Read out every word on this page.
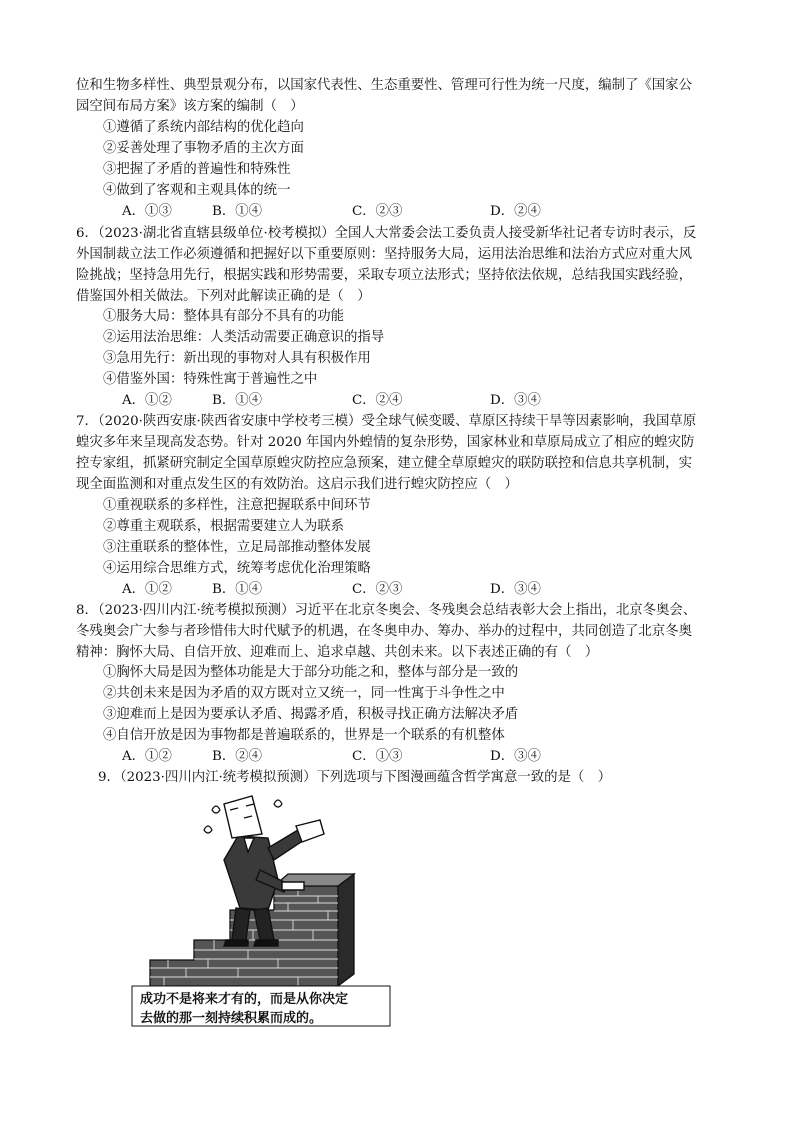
位和生物多样性、典型景观分布，以国家代表性、生态重要性、管理可行性为统一尺度，编制了《国家公
园空间布局方案》该方案的编制（　）
①遵循了系统内部结构的优化趋向
②妥善处理了事物矛盾的主次方面
③把握了矛盾的普遍性和特殊性
④做到了客观和主观具体的统一
A．①③	B．①④	C．②③	D．②④
6．（2023·湖北省直辖县级单位·校考模拟）全国人大常委会法工委负责人接受新华社记者专访时表示，反
外国制裁立法工作必须遵循和把握好以下重要原则：坚持服务大局，运用法治思维和法治方式应对重大风
险挑战；坚持急用先行，根据实践和形势需要，采取专项立法形式；坚持依法依规，总结我国实践经验，
借鉴国外相关做法。下列对此解读正确的是（　）
①服务大局：整体具有部分不具有的功能
②运用法治思维：人类活动需要正确意识的指导
③急用先行：新出现的事物对人具有积极作用
④借鉴外国：特殊性寓于普遍性之中
A．①②	B．①④	C．②④	D．③④
7．（2020·陕西安康·陕西省安康中学校考三模）受全球气候变暖、草原区持续干旱等因素影响，我国草原
蝗灾多年来呈现高发态势。针对 2020 年国内外蝗情的复杂形势，国家林业和草原局成立了相应的蝗灾防
控专家组，抓紧研究制定全国草原蝗灾防控应急预案，建立健全草原蝗灾的联防联控和信息共享机制，实
现全面监测和对重点发生区的有效防治。这启示我们进行蝗灾防控应（　）
①重视联系的多样性，注意把握联系中间环节
②尊重主观联系，根据需要建立人为联系
③注重联系的整体性，立足局部推动整体发展
④运用综合思维方式，统筹考虑优化治理策略
A．①②	B．①④	C．②③	D．③④
8．（2023·四川内江·统考模拟预测）习近平在北京冬奥会、冬残奥会总结表彰大会上指出，北京冬奥会、
冬残奥会广大参与者珍惜伟大时代赋予的机遇，在冬奥申办、筹办、举办的过程中，共同创造了北京冬奥
精神：胸怀大局、自信开放、迎难而上、追求卓越、共创未来。以下表述正确的有（　）
①胸怀大局是因为整体功能是大于部分功能之和，整体与部分是一致的
②共创未来是因为矛盾的双方既对立又统一，同一性寓于斗争性之中
③迎难而上是因为要承认矛盾、揭露矛盾，积极寻找正确方法解决矛盾
④自信开放是因为事物都是普遍联系的，世界是一个联系的有机整体
A．①②	B．②④	C．①③	D．③④
9．（2023·四川内江·统考模拟预测）下列选项与下图漫画蕴含哲学寓意一致的是（　）
成功不是将来才有的，而是从你决定
去做的那一刻持续积累而成的。
